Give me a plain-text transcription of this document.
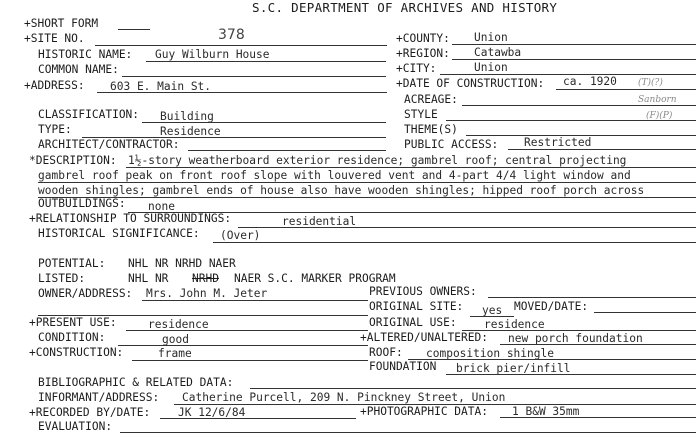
S.C. DEPARTMENT OF ARCHIVES AND HISTORY
+SHORT FORM
+SITE NO.	378	+COUNTY: Union
HISTORIC NAME: Guy Wilburn House	+REGION: Catawba
COMMON NAME:	+CITY:	Union
+ADDRESS: 603 E. Main St.	+DATE OF CONSTRUCTION: ca. 1920 (T)(?)
ACREAGE:	Sanborn
CLASSIFICATION: Building	STYLE	(F)(P)
TYPE:	Residence	THEME(S)
ARCHITECT/CONTRACTOR:	PUBLIC ACCESS: Restricted
*DESCRIPTION: 1½-story weatherboard exterior residence; gambrel roof; central projecting
gambrel roof peak on front roof slope with louvered vent and 4-part 4/4 light window and
wooden shingles; gambrel ends of house also have wooden shingles; hipped roof porch across
OUTBUILDINGS: none
+RELATIONSHIP TO SURROUNDINGS:	residential
HISTORICAL SIGNIFICANCE: (Over)
POTENTIAL: NHL NR NRHD NAER
LISTED:	NHL NR NRHD NAER S.C. MARKER PROGRAM
OWNER/ADDRESS: Mrs. John M. Jeter	PREVIOUS OWNERS:
ORIGINAL SITE: yes MOVED/DATE:
+PRESENT USE:	residence	ORIGINAL USE: residence
CONDITION:	good	+ALTERED/UNALTERED: new porch foundation
+CONSTRUCTION:	frame	ROOF: composition shingle
FOUNDATION brick pier/infill
BIBLIOGRAPHIC & RELATED DATA:
INFORMANT/ADDRESS: Catherine Purcell, 209 N. Pinckney Street, Union
+RECORDED BY/DATE: JK 12/6/84	+PHOTOGRAPHIC DATA: 1 B&W 35mm
EVALUATION:
